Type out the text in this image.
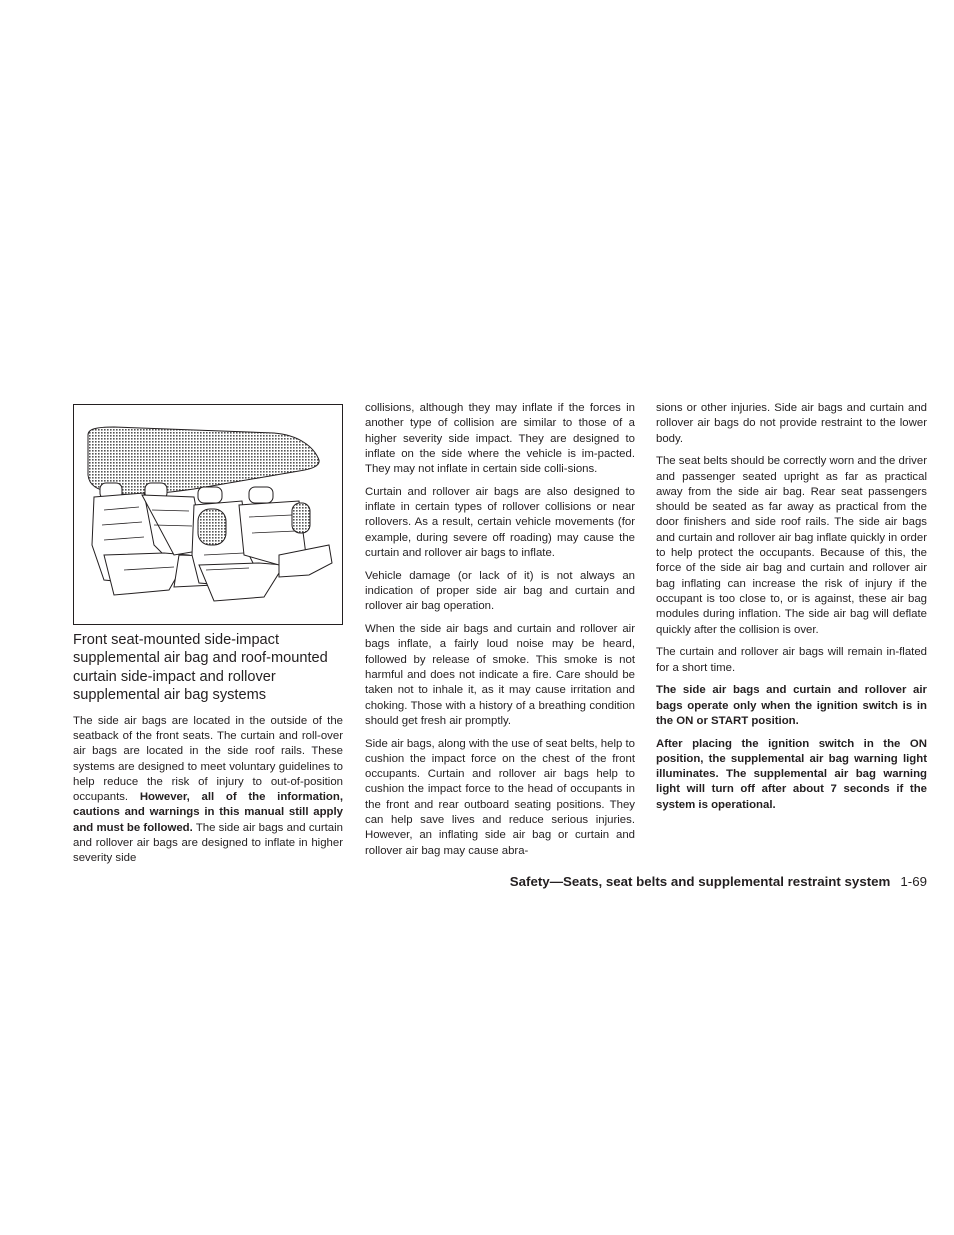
Front seat-mounted side-impact supplemental air bag and roof-mounted curtain side-impact and rollover supplemental air bag systems

The side air bags are located in the outside of the seatback of the front seats. The curtain and roll-over air bags are located in the side roof rails. These systems are designed to meet voluntary guidelines to help reduce the risk of injury to out-of-position occupants. However, all of the information, cautions and warnings in this manual still apply and must be followed. The side air bags and curtain and rollover air bags are designed to inflate in higher severity side

collisions, although they may inflate if the forces in another type of collision are similar to those of a higher severity side impact. They are designed to inflate on the side where the vehicle is im-pacted. They may not inflate in certain side colli-sions.

Curtain and rollover air bags are also designed to inflate in certain types of rollover collisions or near rollovers. As a result, certain vehicle movements (for example, during severe off roading) may cause the curtain and rollover air bags to inflate.

Vehicle damage (or lack of it) is not always an indication of proper side air bag and curtain and rollover air bag operation.

When the side air bags and curtain and rollover air bags inflate, a fairly loud noise may be heard, followed by release of smoke. This smoke is not harmful and does not indicate a fire. Care should be taken not to inhale it, as it may cause irritation and choking. Those with a history of a breathing condition should get fresh air promptly.

Side air bags, along with the use of seat belts, help to cushion the impact force on the chest of the front occupants. Curtain and rollover air bags help to cushion the impact force to the head of occupants in the front and rear outboard seating positions. They can help save lives and reduce serious injuries. However, an inflating side air bag or curtain and rollover air bag may cause abra-

sions or other injuries. Side air bags and curtain and rollover air bags do not provide restraint to the lower body.

The seat belts should be correctly worn and the driver and passenger seated upright as far as practical away from the side air bag. Rear seat passengers should be seated as far away as practical from the door finishers and side roof rails. The side air bags and curtain and rollover air bag inflate quickly in order to help protect the occupants. Because of this, the force of the side air bag and curtain and rollover air bag inflating can increase the risk of injury if the occupant is too close to, or is against, these air bag modules during inflation. The side air bag will deflate quickly after the collision is over.

The curtain and rollover air bags will remain in-flated for a short time.

The side air bags and curtain and rollover air bags operate only when the ignition switch is in the ON or START position.

After placing the ignition switch in the ON position, the supplemental air bag warning light illuminates. The supplemental air bag warning light will turn off after about 7 seconds if the system is operational.

Safety—Seats, seat belts and supplemental restraint system 1-69
